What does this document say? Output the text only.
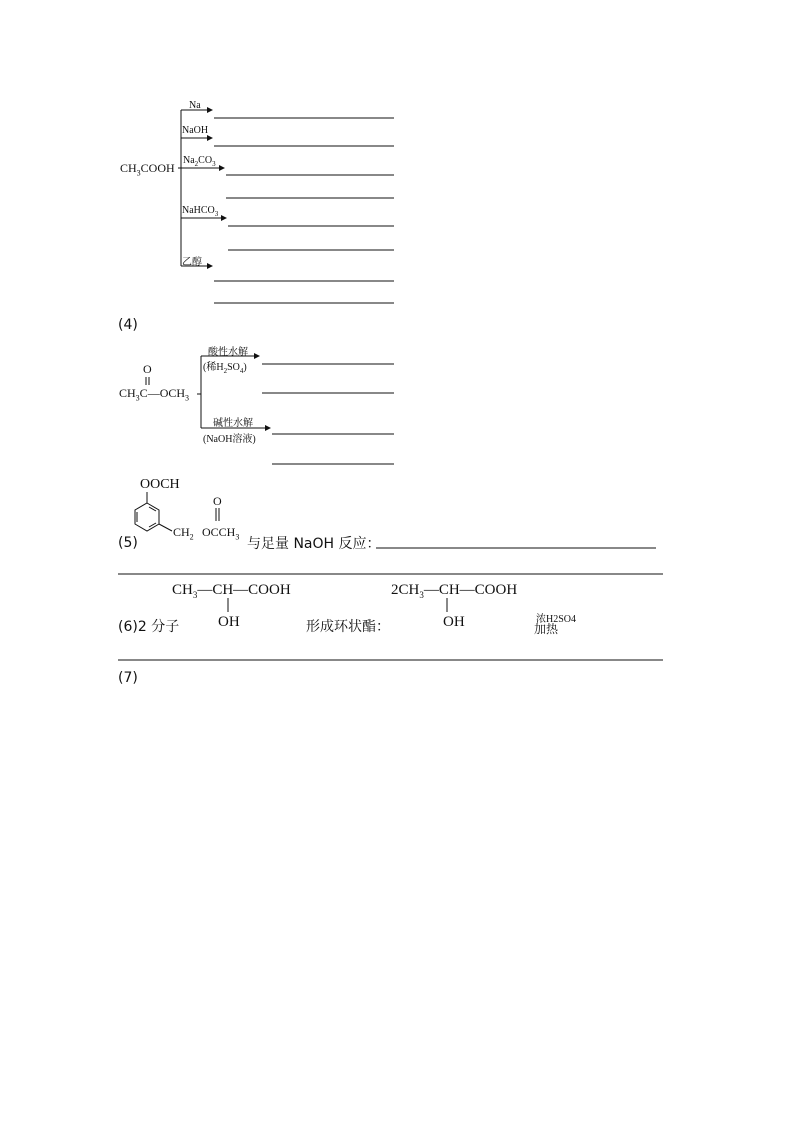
$CH_3COOH$
Na
NaOH
$Na_2CO_3$
NaHCO$_3$
乙醇
(4)
O
$CH_3C—OCH_3$
酸性水解
(稀$H_2SO_4$)
碱性水解
(NaOH溶液)
OOCH
(5)
$CH_2$
O
$OCCH_3$ 与足量 NaOH 反应：
$CH_3—CH—COOH$
OH
(6)2 分子	形成环状酯：
$2CH_3—CH—COOH$
OH	浓H2SO4
加热
(7)
